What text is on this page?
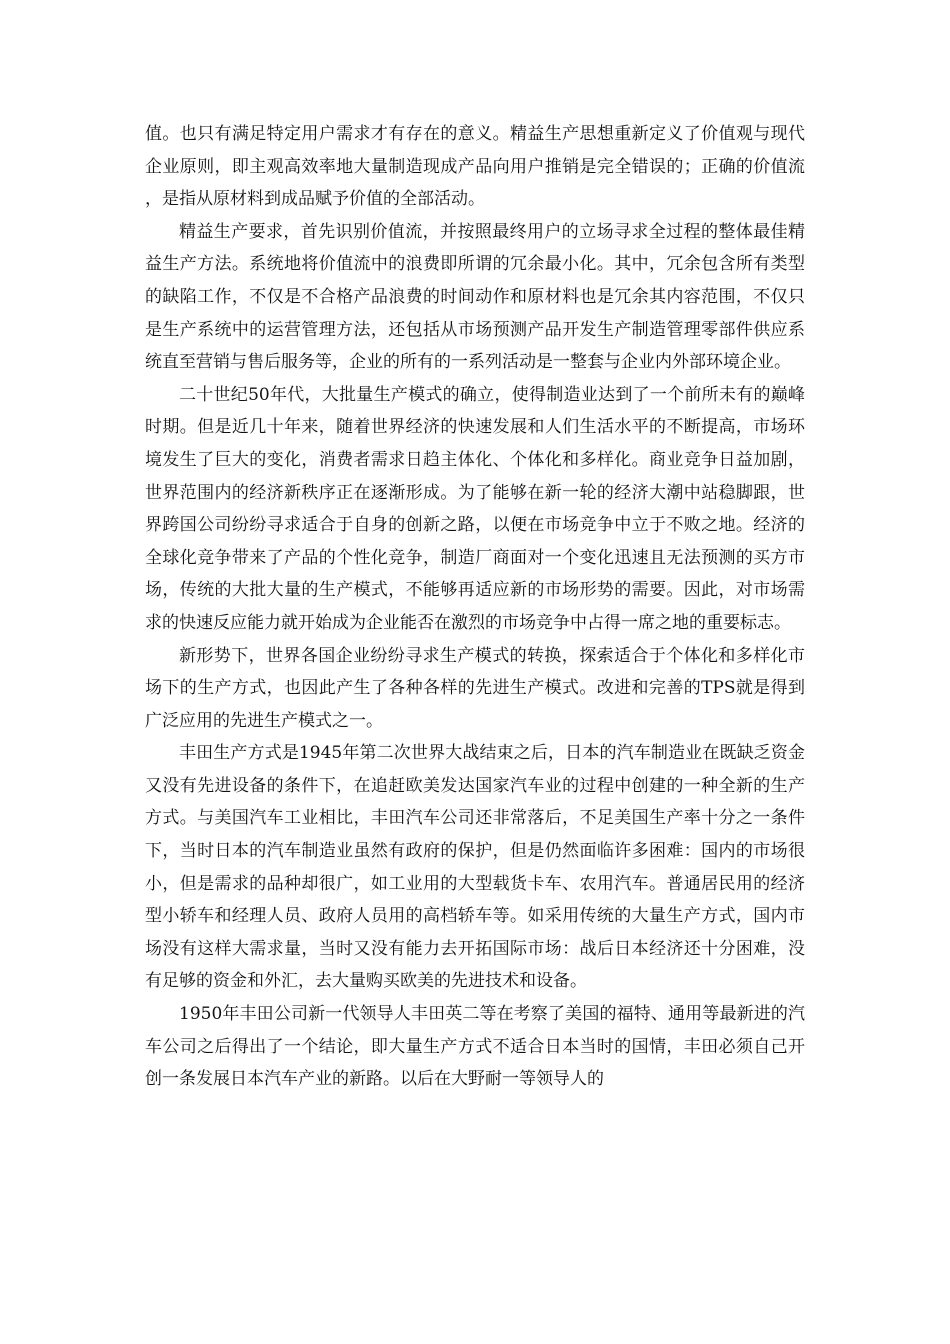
值。也只有满足特定用户需求才有存在的意义。精益生产思想重新定义了价值观与现代企业原则，即主观高效率地大量制造现成产品向用户推销是完全错误的；正确的价值流，是指从原材料到成品赋予价值的全部活动。

精益生产要求，首先识别价值流，并按照最终用户的立场寻求全过程的整体最佳精益生产方法。系统地将价值流中的浪费即所谓的冗余最小化。其中，冗余包含所有类型的缺陷工作，不仅是不合格产品浪费的时间动作和原材料也是冗余其内容范围，不仅只是生产系统中的运营管理方法，还包括从市场预测产品开发生产制造管理零部件供应系统直至营销与售后服务等，企业的所有的一系列活动是一整套与企业内外部环境企业。

二十世纪50年代，大批量生产模式的确立，使得制造业达到了一个前所未有的巅峰时期。但是近几十年来，随着世界经济的快速发展和人们生活水平的不断提高，市场环境发生了巨大的变化，消费者需求日趋主体化、个体化和多样化。商业竞争日益加剧，世界范围内的经济新秩序正在逐渐形成。为了能够在新一轮的经济大潮中站稳脚跟，世界跨国公司纷纷寻求适合于自身的创新之路，以便在市场竞争中立于不败之地。经济的全球化竞争带来了产品的个性化竞争，制造厂商面对一个变化迅速且无法预测的买方市场，传统的大批大量的生产模式，不能够再适应新的市场形势的需要。因此，对市场需求的快速反应能力就开始成为企业能否在激烈的市场竞争中占得一席之地的重要标志。

新形势下，世界各国企业纷纷寻求生产模式的转换，探索适合于个体化和多样化市场下的生产方式，也因此产生了各种各样的先进生产模式。改进和完善的TPS就是得到广泛应用的先进生产模式之一。

丰田生产方式是1945年第二次世界大战结束之后，日本的汽车制造业在既缺乏资金又没有先进设备的条件下，在追赶欧美发达国家汽车业的过程中创建的一种全新的生产方式。与美国汽车工业相比，丰田汽车公司还非常落后，不足美国生产率十分之一条件下，当时日本的汽车制造业虽然有政府的保护，但是仍然面临许多困难：国内的市场很小，但是需求的品种却很广，如工业用的大型载货卡车、农用汽车。普通居民用的经济型小轿车和经理人员、政府人员用的高档轿车等。如采用传统的大量生产方式，国内市场没有这样大需求量，当时又没有能力去开拓国际市场：战后日本经济还十分困难，没有足够的资金和外汇，去大量购买欧美的先进技术和设备。

1950年丰田公司新一代领导人丰田英二等在考察了美国的福特、通用等最新进的汽车公司之后得出了一个结论，即大量生产方式不适合日本当时的国情，丰田必须自己开创一条发展日本汽车产业的新路。以后在大野耐一等领导人的
